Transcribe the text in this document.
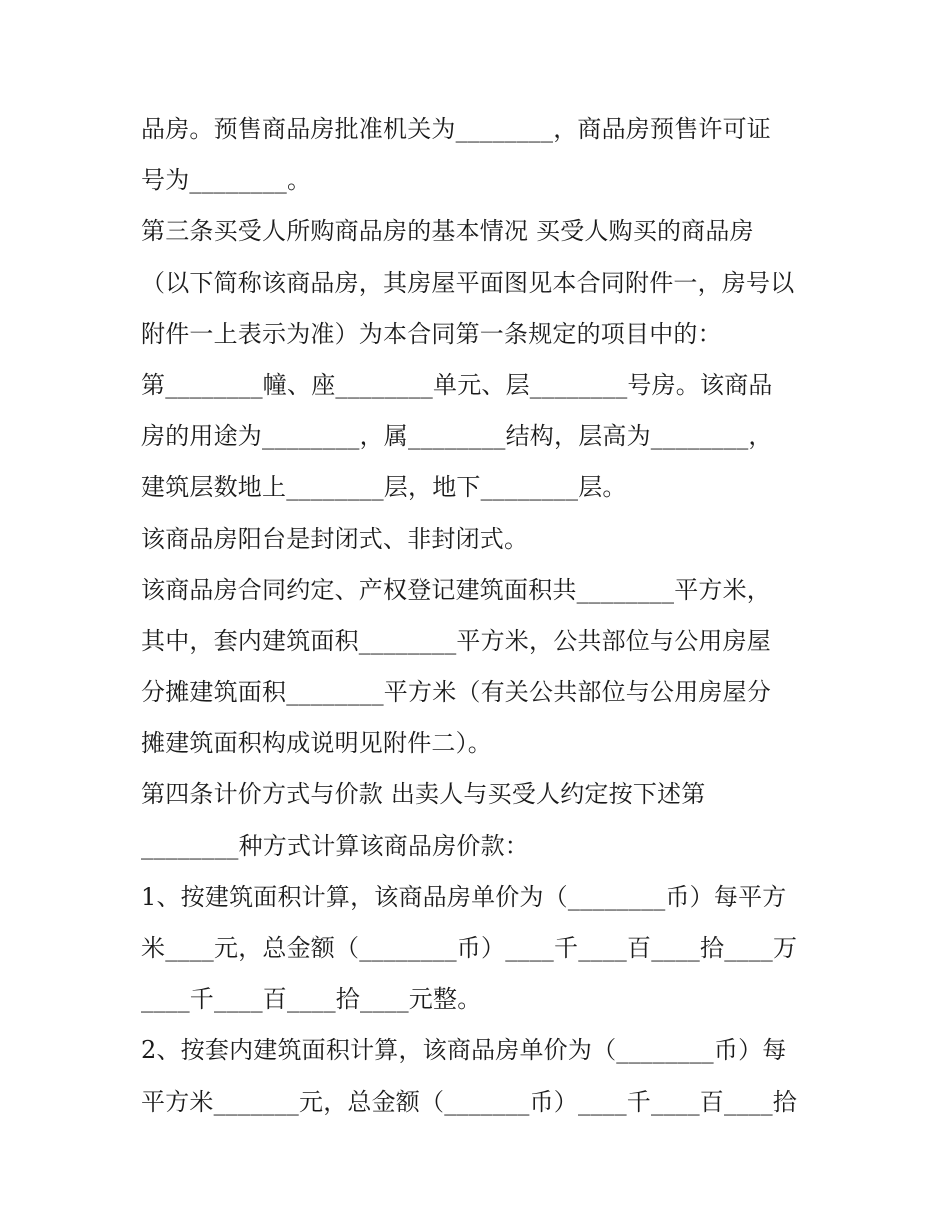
品房。预售商品房批准机关为________，商品房预售许可证
号为________。
第三条买受人所购商品房的基本情况 买受人购买的商品房
（以下简称该商品房，其房屋平面图见本合同附件一，房号以
附件一上表示为准）为本合同第一条规定的项目中的：
第________幢、座________单元、层________号房。该商品
房的用途为________，属________结构，层高为________，
建筑层数地上________层，地下________层。
该商品房阳台是封闭式、非封闭式。
该商品房合同约定、产权登记建筑面积共________平方米，
其中，套内建筑面积________平方米，公共部位与公用房屋
分摊建筑面积________平方米（有关公共部位与公用房屋分
摊建筑面积构成说明见附件二）。
第四条计价方式与价款 出卖人与买受人约定按下述第
________种方式计算该商品房价款：
1、按建筑面积计算，该商品房单价为（________币）每平方
米____元，总金额（________币）____千____百____拾____万
____千____百____拾____元整。
2、按套内建筑面积计算，该商品房单价为（________币）每
平方米_______元，总金额（_______币）____千____百____拾
